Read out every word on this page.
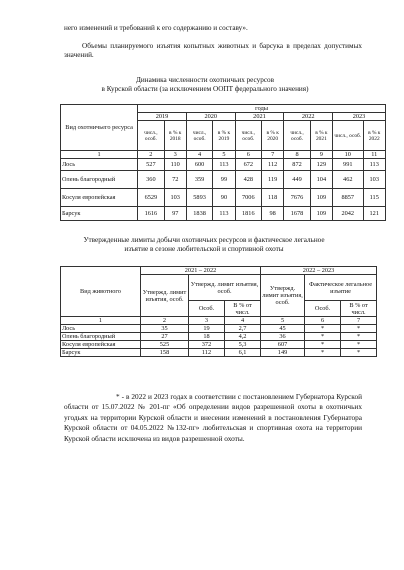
него изменений и требований к его содержанию и составу».

Объемы планируемого изъятия копытных животных и барсука в пределах допустимых значений.

Динамика численности охотничьих ресурсов
в Курской области (за исключением ООПТ федерального значения)

Вид охотничьего ресурса	годы									
	2019		2020		2021		2022		2023	
	числ., особ.	в % к 2018	числ., особ.	в % к 2019	числ., особ.	в % к 2020	числ., особ.	в % к 2021	числ., особ.	в % к 2022
1	2	3	4	5	6	7	8	9	10	11
Лось	527	110	600	113	672	112	872	129	991	113
Олень благородный	360	72	359	99	428	119	449	104	462	103
Косуля европейская	6529	103	5893	90	7006	118	7676	109	8857	115
Барсук	1616	97	1838	113	1816	98	1678	109	2042	121

Утвержденные лимиты добычи охотничьих ресурсов и фактическое легальное
изъятие в сезоне любительской и спортивной охоты

Вид животного	2021 – 2022			2022 – 2023		
	Утвержд. лимит изъятия, особ.	Утвержд. лимит изъятия, особ.		Утвержд. лимит изъятия, особ.	Фактическое легальное изъятие	
		Особ.	В % от числ.		Особ.	В % от числ.
1	2	3	4	5	6	7
Лось	35	19	2,7	45	*	*
Олень благородный	27	18	4,2	36	*	*
Косуля европейская	525	372	5,3	607	*	*
Барсук	158	112	6,1	149	*	*

* - в 2022 и 2023 годах в соответствии с постановлением Губернатора Курской области от 15.07.2022 № 201-пг «Об определении видов разрешенной охоты в охотничьих угодьях на территории Курской области и внесении изменений в постановления Губернатора Курской области от 04.05.2022 №132-пг» любительская и спортивная охота на территории Курской области исключена из видов разрешенной охоты.
